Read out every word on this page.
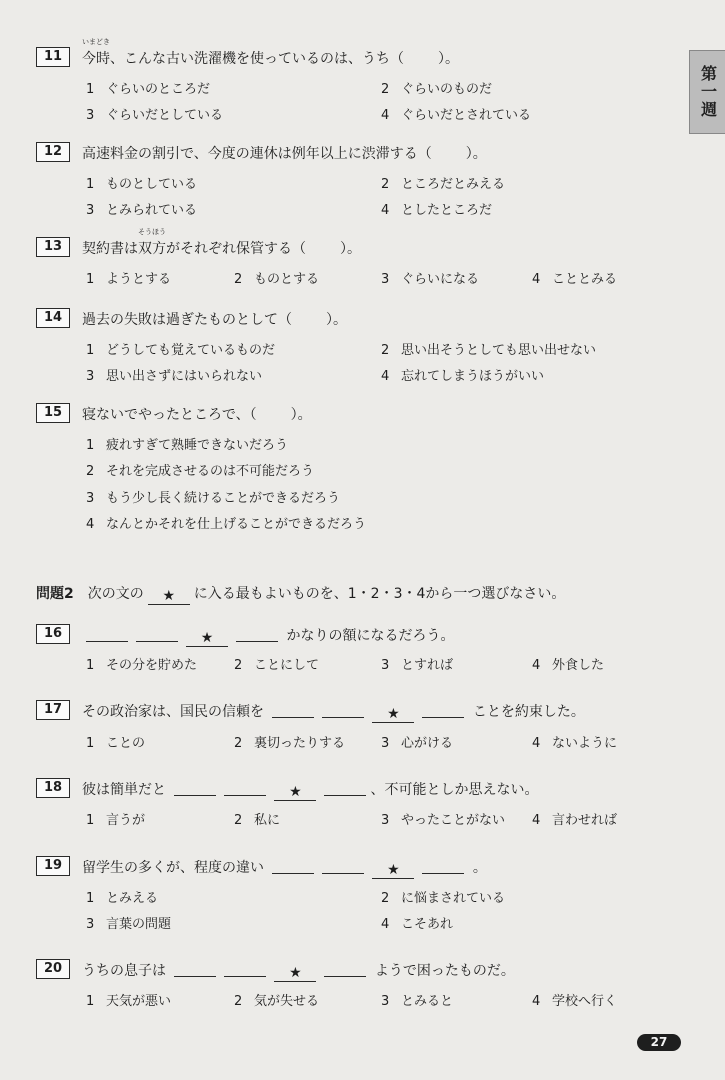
第一週
11
いまどき
今時、こんな古い洗濯機を使っているのは、うち（ ）。
1 ぐらいのところだ	2 ぐらいのものだ
3 ぐらいだとしている	4 ぐらいだとされている
12	高速料金の割引で、今度の連休は例年以上に渋滞する（ ）。
1 ものとしている	2 ところだとみえる
3 とみられている	4 としたところだ
13	契約書は
そうほう
双方がそれぞれ保管する（ ）。
1 ようとする	2 ものとする	3 ぐらいになる	4 こととみる
14	過去の失敗は過ぎたものとして（ ）。
1 どうしても覚えているものだ	2 思い出そうとしても思い出せない
3 思い出さずにはいられない	4 忘れてしまうほうがいい
15	寝ないでやったところで、（ ）。
1 疲れすぎて熟睡できないだろう
2 それを完成させるのは不可能だろう
3 もう少し長く続けることができるだろう
4 なんとかそれを仕上げることができるだろう
問題2　 次の文の ★ に入る最もよいものを、1・2・3・4から一つ選びなさい。
16	★	かなりの額になるだろう。
1 その分を貯めた	2 ことにして	3 とすれば	4 外食した
17	その政治家は、国民の信頼を	★	ことを約束した。
1 ことの	2 裏切ったりする	3 心がける	4 ないように
18	彼は簡単だと	★	、不可能としか思えない。
1 言うが	2 私に	3 やったことがない 4 言わせれば
19	留学生の多くが、程度の違い	★	。
1 とみえる	2 に悩まされている
3 言葉の問題	4 こそあれ
20	うちの息子は	★	ようで困ったものだ。
1 天気が悪い	2 気が失せる	3 とみると	4 学校へ行く
27
